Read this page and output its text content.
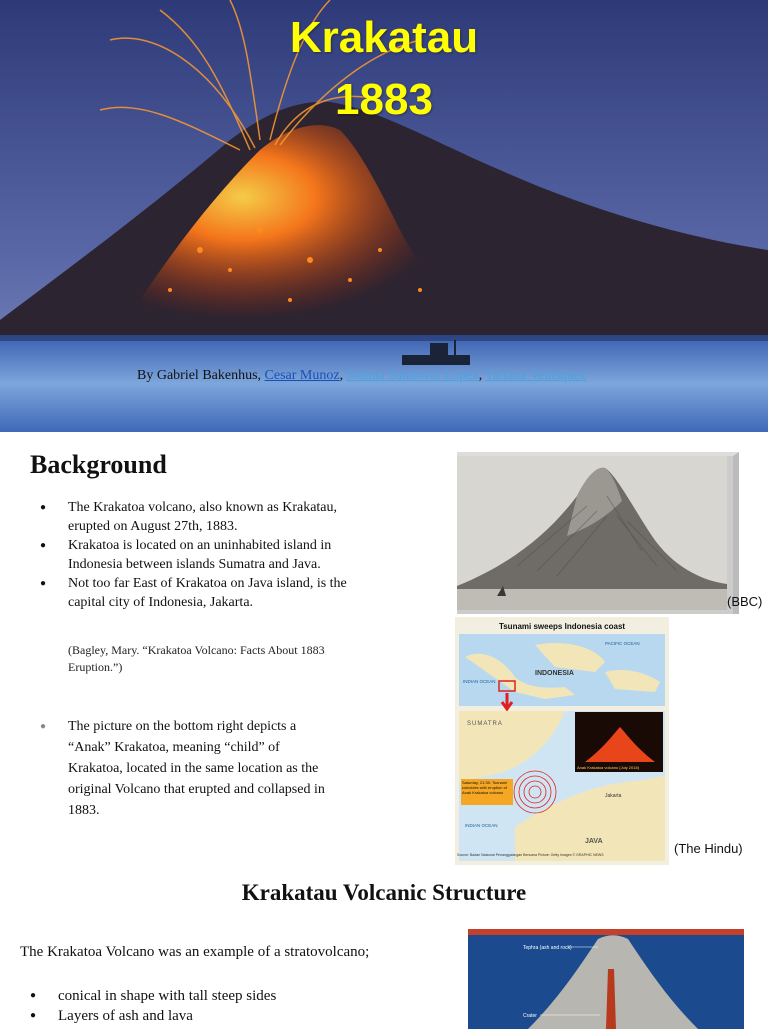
Krakatau
1883
By Gabriel Bakenhus, Cesar Munoz, Joshua Sandoval Lopez, Tatiana Velasquez
Background
● The Krakatoa volcano, also known as Krakatau, erupted on August 27th, 1883.
● Krakatoa is located on an uninhabited island in Indonesia between islands Sumatra and Java.
● Not too far East of Krakatoa on Java island, is the capital city of Indonesia, Jakarta.
(Bagley, Mary. “Krakatoa Volcano: Facts About 1883 Eruption.”)
● The picture on the bottom right depicts a “Anak” Krakatoa, meaning “child” of Krakatoa, located in the same location as the original Volcano that erupted and collapsed in 1883.
(BBC)
Tsunami sweeps Indonesia coast
INDONESIA
INDIAN OCEAN
PACIFIC OCEAN
SUMATRA
JAVA
INDIAN OCEAN
Jakarta
Anak Krakatoa volcano (July 2018)
Saturday, 21:30: Tsunami coincides with eruption of Anak Krakatoa volcano
Source: Badan Nasional Penanggulangan Bencana Picture: Getty Images © GRAPHIC NEWS	(The Hindu)
Krakatau Volcanic Structure
The Krakatoa Volcano was an example of a stratovolcano;
● conical in shape with tall steep sides
● Layers of ash and lava
Tephra (ash and rock)
Crater
